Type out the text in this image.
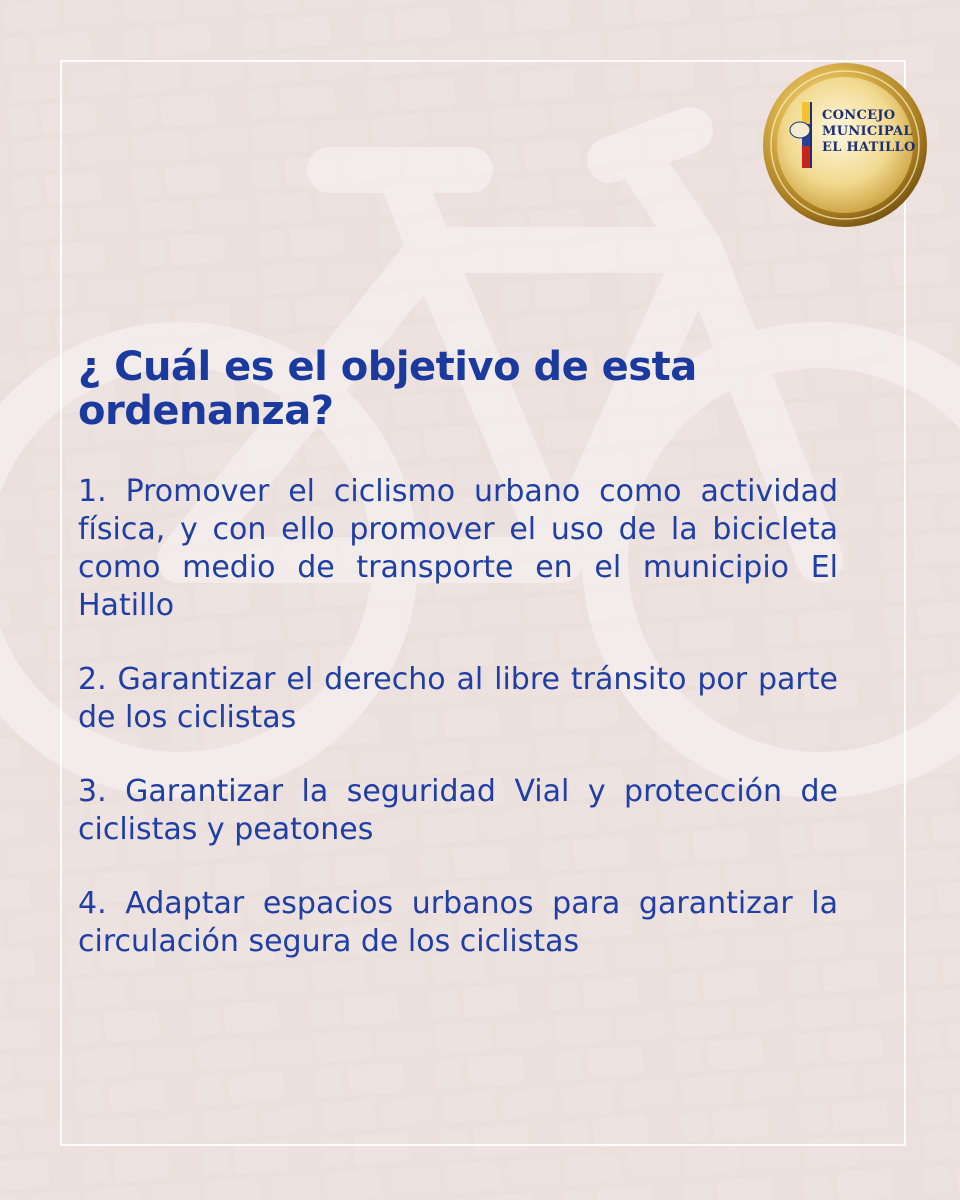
CONCEJO
MUNICIPAL
EL HATILLO
¿ Cuál es el objetivo de esta ordenanza?
1. Promover el ciclismo urbano como actividad física, y con ello promover el uso de la bicicleta como medio de transporte en el municipio El Hatillo
2. Garantizar el derecho al libre tránsito por parte de los ciclistas
3. Garantizar la seguridad Vial y protección de ciclistas y peatones
4. Adaptar espacios urbanos para garantizar la circulación segura de los ciclistas
